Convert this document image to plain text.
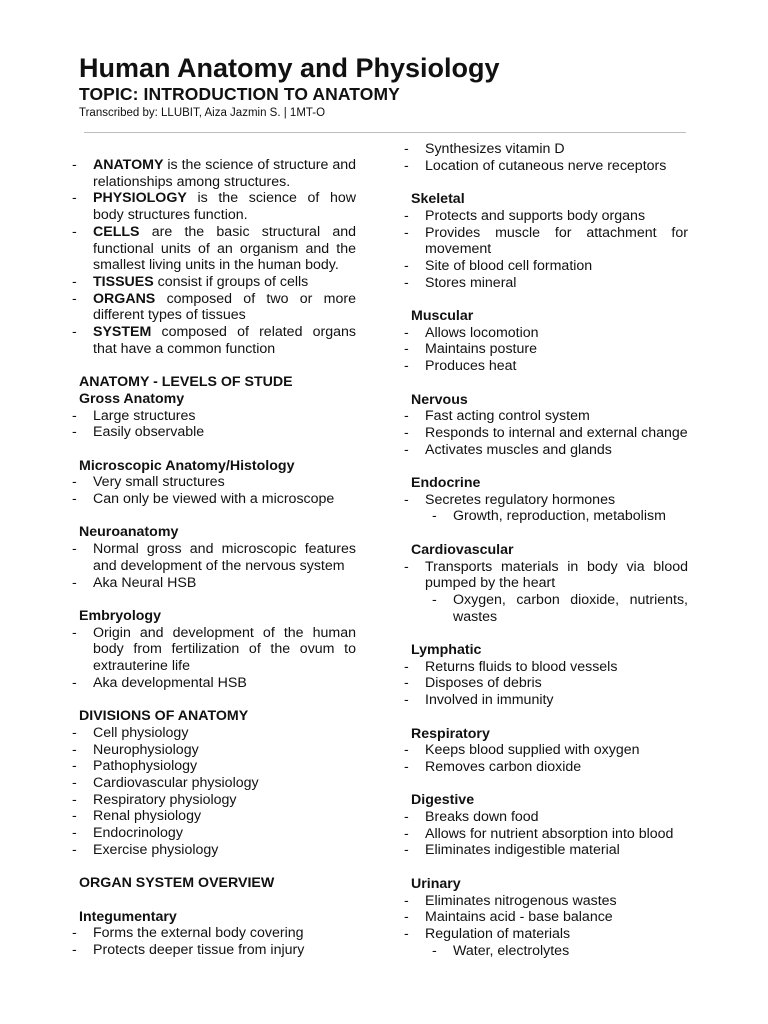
Human Anatomy and Physiology
TOPIC: INTRODUCTION TO ANATOMY
Transcribed by: LLUBIT, Aiza Jazmin S. | 1MT-O
- ANATOMY is the science of structure and relationships among structures.
- PHYSIOLOGY is the science of how body structures function.
- CELLS are the basic structural and functional units of an organism and the smallest living units in the human body.
- TISSUES consist if groups of cells
- ORGANS composed of two or more different types of tissues
- SYSTEM composed of related organs that have a common function
ANATOMY - LEVELS OF STUDE
Gross Anatomy
- Large structures
- Easily observable
Microscopic Anatomy/Histology
- Very small structures
- Can only be viewed with a microscope
Neuroanatomy
- Normal gross and microscopic features and development of the nervous system
- Aka Neural HSB
Embryology
- Origin and development of the human body from fertilization of the ovum to extrauterine life
- Aka developmental HSB
DIVISIONS OF ANATOMY
- Cell physiology
- Neurophysiology
- Pathophysiology
- Cardiovascular physiology
- Respiratory physiology
- Renal physiology
- Endocrinology
- Exercise physiology
ORGAN SYSTEM OVERVIEW
Integumentary
- Forms the external body covering
- Protects deeper tissue from injury
- Synthesizes vitamin D
- Location of cutaneous nerve receptors
Skeletal
- Protects and supports body organs
- Provides muscle for attachment for movement
- Site of blood cell formation
- Stores mineral
Muscular
- Allows locomotion
- Maintains posture
- Produces heat
Nervous
- Fast acting control system
- Responds to internal and external change
- Activates muscles and glands
Endocrine
- Secretes regulatory hormones
- Growth, reproduction, metabolism
Cardiovascular
- Transports materials in body via blood pumped by the heart
- Oxygen, carbon dioxide, nutrients, wastes
Lymphatic
- Returns fluids to blood vessels
- Disposes of debris
- Involved in immunity
Respiratory
- Keeps blood supplied with oxygen
- Removes carbon dioxide
Digestive
- Breaks down food
- Allows for nutrient absorption into blood
- Eliminates indigestible material
Urinary
- Eliminates nitrogenous wastes
- Maintains acid - base balance
- Regulation of materials
- Water, electrolytes
